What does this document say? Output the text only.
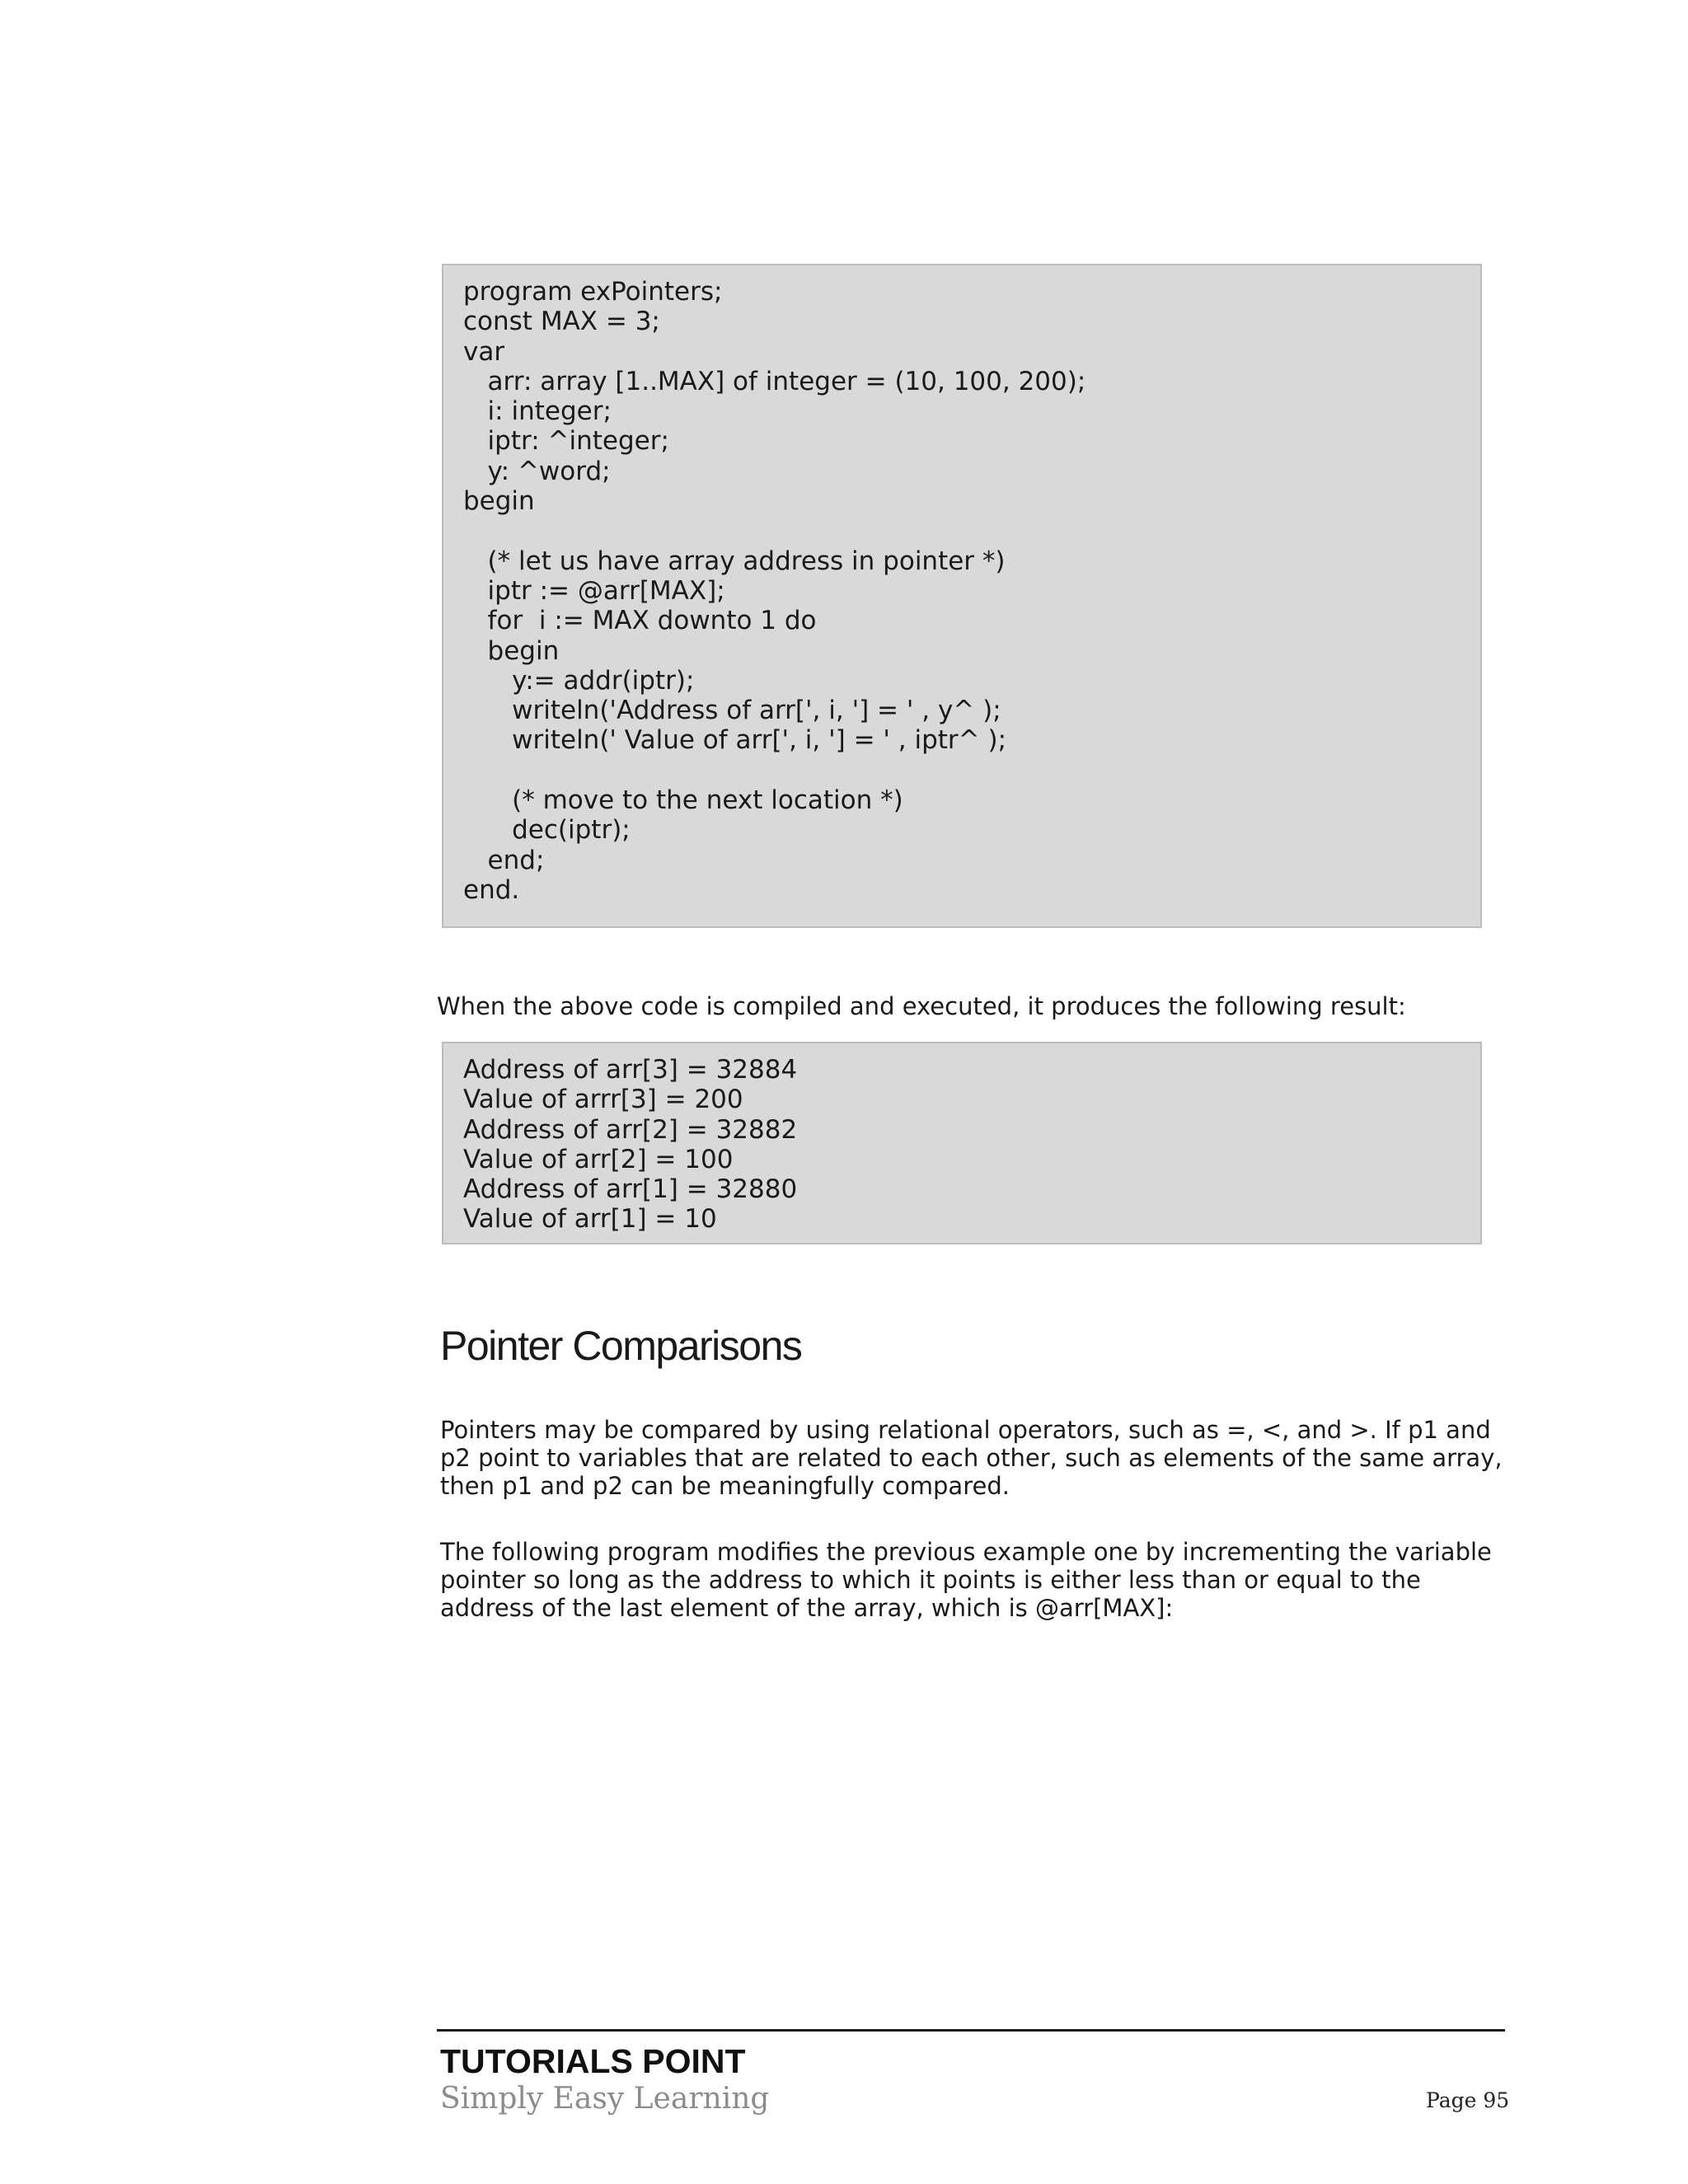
program exPointers;
const MAX = 3;
var
arr: array [1..MAX] of integer = (10, 100, 200);
i: integer;
iptr: ^integer;
y: ^word;
begin
(* let us have array address in pointer *)
iptr := @arr[MAX];
for  i := MAX downto 1 do
begin
y:= addr(iptr);
writeln('Address of arr[', i, '] = ' , y^ );
writeln(' Value of arr[', i, '] = ' , iptr^ );
(* move to the next location *)
dec(iptr);
end;
end.
When the above code is compiled and executed, it produces the following result:
Address of arr[3] = 32884
Value of arrr[3] = 200
Address of arr[2] = 32882
Value of arr[2] = 100
Address of arr[1] = 32880
Value of arr[1] = 10
Pointer Comparisons
Pointers may be compared by using relational operators, such as =, <, and >. If p1 and p2 point to variables that are related to each other, such as elements of the same array, then p1 and p2 can be meaningfully compared.
The following program modifies the previous example one by incrementing the variable pointer so long as the address to which it points is either less than or equal to the address of the last element of the array, which is @arr[MAX]:
TUTORIALS POINT
Simply Easy Learning	Page 95
